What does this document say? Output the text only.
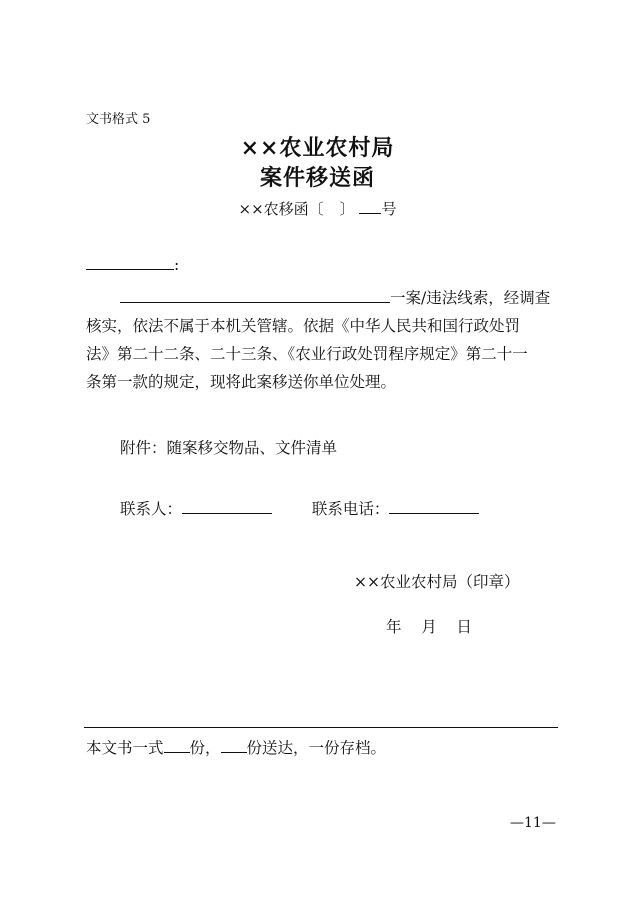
文书格式 5
××农业农村局
案件移送函
××农移函〔 〕 号
:
一案/违法线索，经调查
核实，依法不属于本机关管辖。依据《中华人民共和国行政处罚
法》第二十二条、二十三条、《农业行政处罚程序规定》第二十一
条第一款的规定，现将此案移送你单位处理。
附件：随案移交物品、文件清单
联系人：	联系电话：
××农业农村局（印章）
年    月    日
本文书一式 份， 份送达，一份存档。
—11—
